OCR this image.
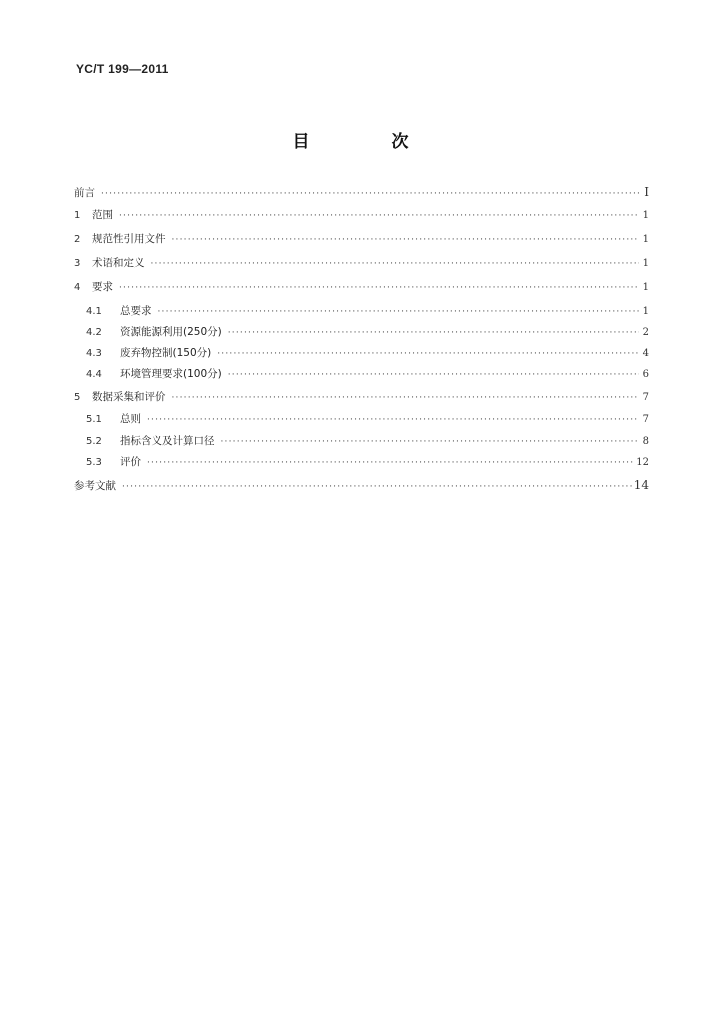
YC/T 199—2011
目 次
前言 ·····	I
1	范围 ·····	1
2	规范性引用文件 ·····	1
3	术语和定义 ·····	1
4	要求 ·····	1
4.1	总要求 ·····	1
4.2	资源能源利用(250分) ·····	2
4.3	废弃物控制(150分) ·····	4
4.4	环境管理要求(100分) ·····	6
5	数据采集和评价 ·····	7
5.1	总则 ·····	7
5.2	指标含义及计算口径 ·····	8
5.3	评价 ·····	12
参考文献 ·····	14
